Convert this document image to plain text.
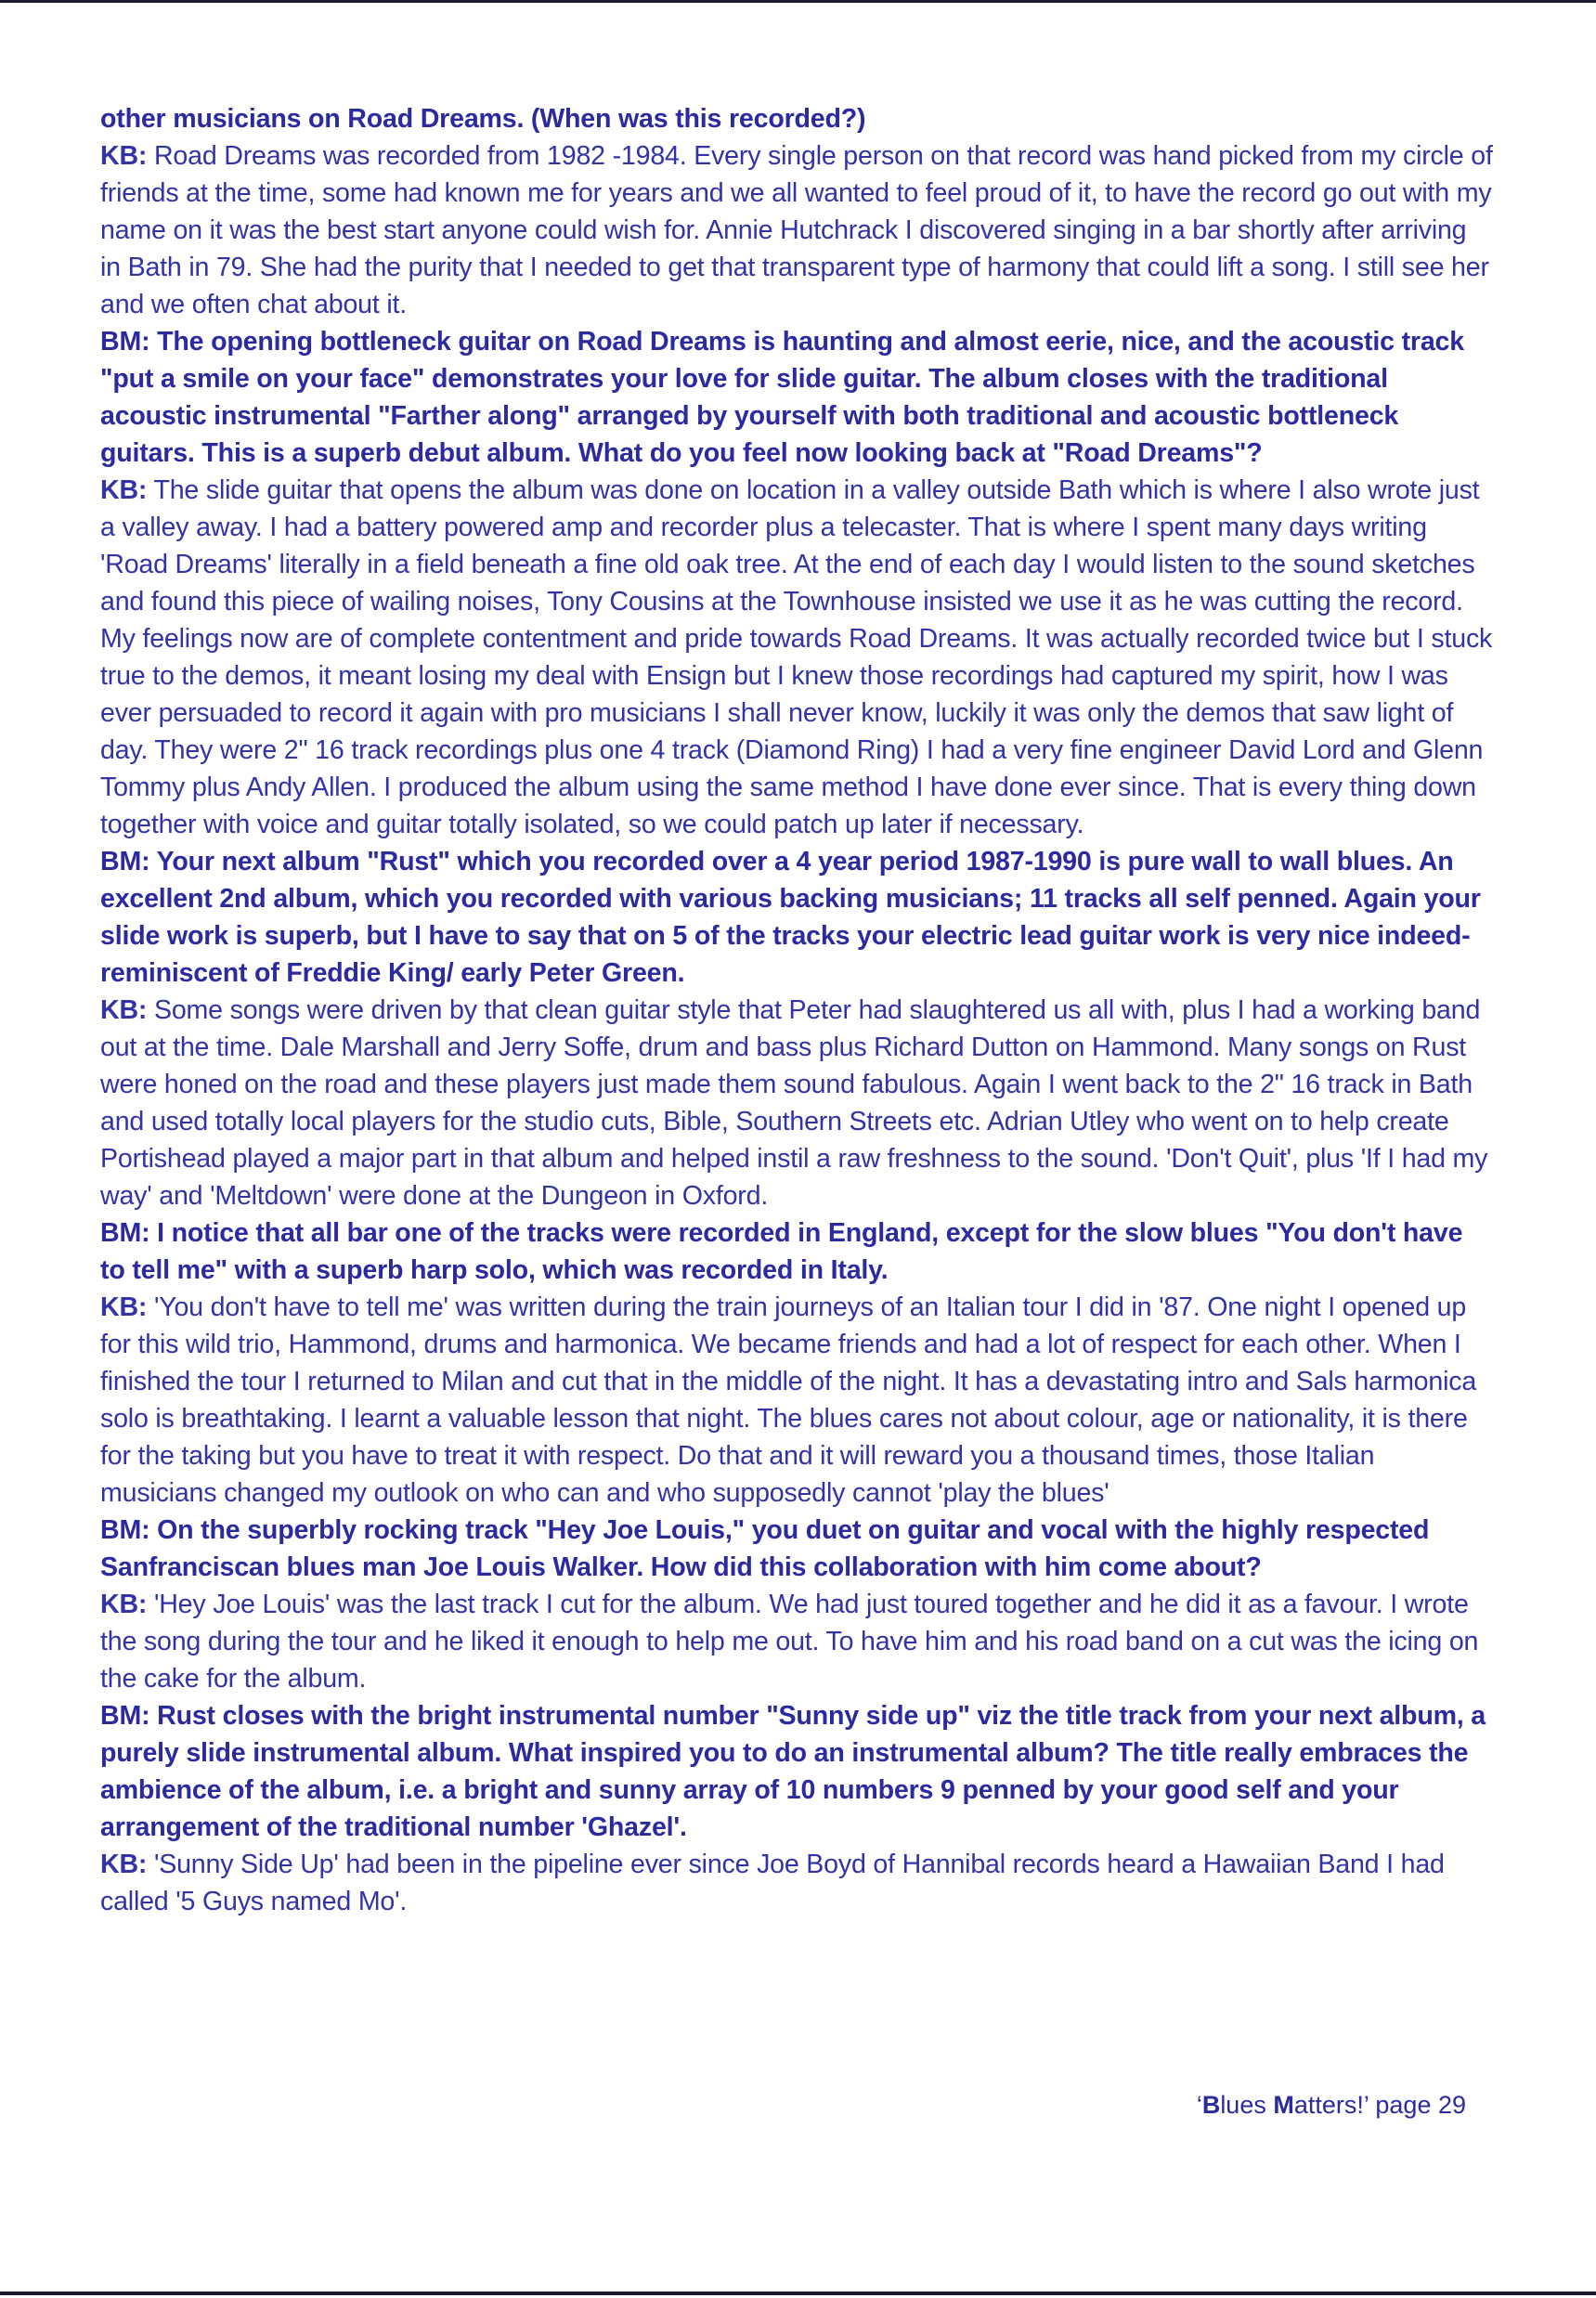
other musicians on Road Dreams. (When was this recorded?)

KB: Road Dreams was recorded from 1982 -1984. Every single person on that record was hand picked from my circle of friends at the time, some had known me for years and we all wanted to feel proud of it, to have the record go out with my name on it was the best start anyone could wish for. Annie Hutchrack I discovered singing in a bar shortly after arriving in Bath in 79. She had the purity that I needed to get that transparent type of harmony that could lift a song. I still see her and we often chat about it.

BM: The opening bottleneck guitar on Road Dreams is haunting and almost eerie, nice, and the acoustic track "put a smile on your face" demonstrates your love for slide guitar. The album closes with the traditional acoustic instrumental "Farther along" arranged by yourself with both traditional and acoustic bottleneck guitars. This is a superb debut album. What do you feel now looking back at "Road Dreams"?

KB: The slide guitar that opens the album was done on location in a valley outside Bath which is where I also wrote just a valley away. I had a battery powered amp and recorder plus a telecaster. That is where I spent many days writing 'Road Dreams' literally in a field beneath a fine old oak tree. At the end of each day I would listen to the sound sketches and found this piece of wailing noises, Tony Cousins at the Townhouse insisted we use it as he was cutting the record. My feelings now are of complete contentment and pride towards Road Dreams. It was actually recorded twice but I stuck true to the demos, it meant losing my deal with Ensign but I knew those recordings had captured my spirit, how I was ever persuaded to record it again with pro musicians I shall never know, luckily it was only the demos that saw light of day. They were 2" 16 track recordings plus one 4 track (Diamond Ring) I had a very fine engineer David Lord and Glenn Tommy plus Andy Allen. I produced the album using the same method I have done ever since. That is every thing down together with voice and guitar totally isolated, so we could patch up later if necessary.

BM: Your next album "Rust" which you recorded over a 4 year period 1987-1990 is pure wall to wall blues. An excellent 2nd album, which you recorded with various backing musicians; 11 tracks all self penned. Again your slide work is superb, but I have to say that on 5 of the tracks your electric lead guitar work is very nice indeed- reminiscent of Freddie King/ early Peter Green.

KB: Some songs were driven by that clean guitar style that Peter had slaughtered us all with, plus I had a working band out at the time. Dale Marshall and Jerry Soffe, drum and bass plus Richard Dutton on Hammond. Many songs on Rust were honed on the road and these players just made them sound fabulous. Again I went back to the 2" 16 track in Bath and used totally local players for the studio cuts, Bible, Southern Streets etc. Adrian Utley who went on to help create Portishead played a major part in that album and helped instil a raw freshness to the sound. 'Don't Quit', plus 'If I had my way' and 'Meltdown' were done at the Dungeon in Oxford.

BM: I notice that all bar one of the tracks were recorded in England, except for the slow blues "You don't have to tell me" with a superb harp solo, which was recorded in Italy.

KB: 'You don't have to tell me' was written during the train journeys of an Italian tour I did in '87. One night I opened up for this wild trio, Hammond, drums and harmonica. We became friends and had a lot of respect for each other. When I finished the tour I returned to Milan and cut that in the middle of the night. It has a devastating intro and Sals harmonica solo is breathtaking. I learnt a valuable lesson that night. The blues cares not about colour, age or nationality, it is there for the taking but you have to treat it with respect. Do that and it will reward you a thousand times, those Italian musicians changed my outlook on who can and who supposedly cannot 'play the blues'

BM: On the superbly rocking track "Hey Joe Louis," you duet on guitar and vocal with the highly respected Sanfranciscan blues man Joe Louis Walker. How did this collaboration with him come about?

KB: 'Hey Joe Louis' was the last track I cut for the album. We had just toured together and he did it as a favour. I wrote the song during the tour and he liked it enough to help me out. To have him and his road band on a cut was the icing on the cake for the album.

BM: Rust closes with the bright instrumental number "Sunny side up" viz the title track from your next album, a purely slide instrumental album. What inspired you to do an instrumental album? The title really embraces the ambience of the album, i.e. a bright and sunny array of 10 numbers 9 penned by your good self and your arrangement of the traditional number 'Ghazel'.

KB: 'Sunny Side Up' had been in the pipeline ever since Joe Boyd of Hannibal records heard a Hawaiian Band I had called '5 Guys named Mo'.

‘Blues Matters!’ page 29
